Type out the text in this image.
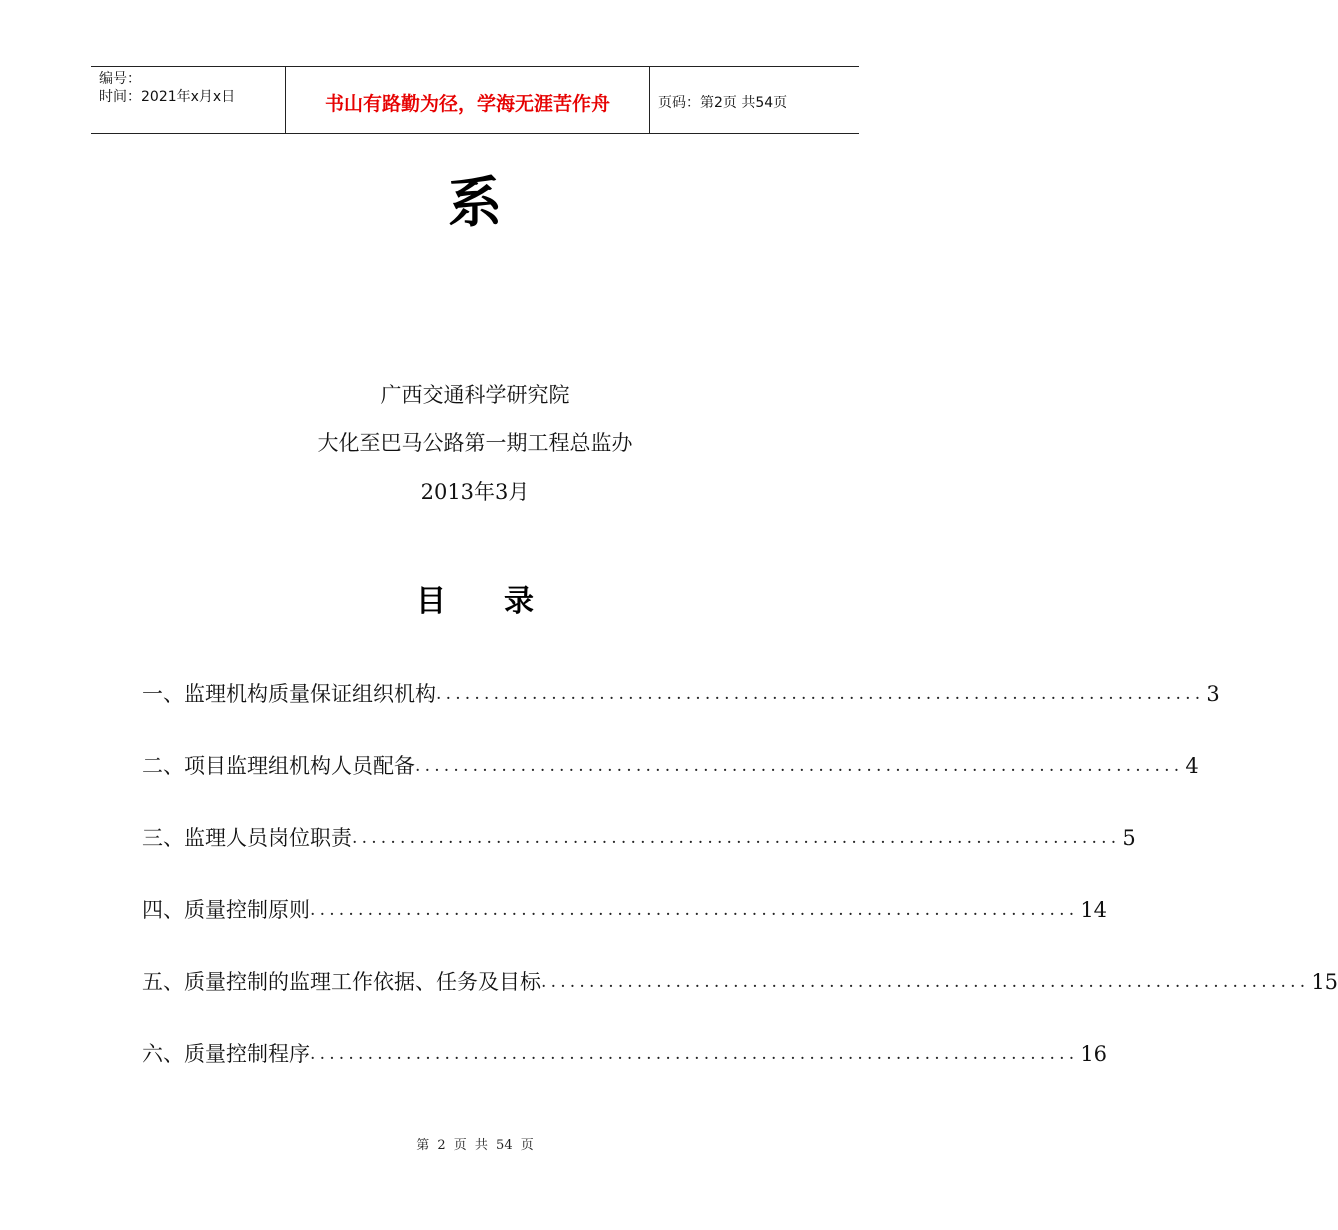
编号：
时间：2021年x月x日	书山有路勤为径，学海无涯苦作舟	页码：第2页 共54页
系
广西交通科学研究院
大化至巴马公路第一期工程总监办
2013年3月
目 录
一、监理机构质量保证组织机构 ................................................................................ 3
二、项目监理组机构人员配备 ................................................................................ 4
三、监理人员岗位职责 ................................................................................ 5
四、质量控制原则 ................................................................................ 14
五、质量控制的监理工作依据、任务及目标 ................................................................................ 15
六、质量控制程序 ................................................................................ 16
第 2 页 共 54 页
